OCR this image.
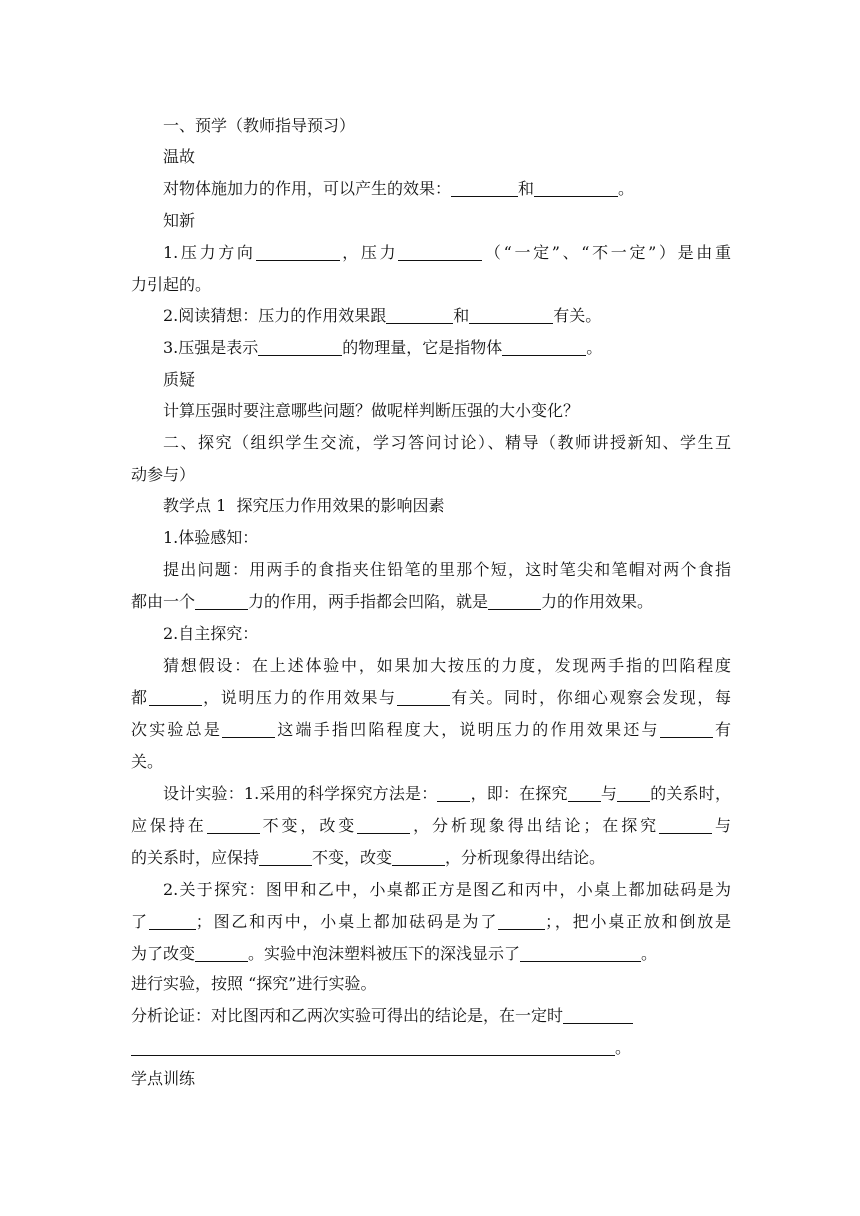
一、预学（教师指导预习）
温故
对物体施加力的作用，可以产生的效果：	和	。
知新
1.压力方向	，压力	（“一定”、“不一定”）是由重
力引起的。
2.阅读猜想：压力的作用效果跟	和	有关。
3.压强是表示	的物理量，它是指物体	。
质疑
计算压强时要注意哪些问题？做呢样判断压强的大小变化？
二、探究（组织学生交流，学习答问讨论）、精导（教师讲授新知、学生互
动参与）
教学点 1  探究压力作用效果的影响因素
1.体验感知：
提出问题：用两手的食指夹住铅笔的里那个短，这时笔尖和笔帽对两个食指
都由一个	力的作用，两手指都会凹陷，就是	力的作用效果。
2.自主探究：
猜想假设：在上述体验中，如果加大按压的力度，发现两手指的凹陷程度
都	，说明压力的作用效果与	有关。同时，你细心观察会发现，每
次实验总是	这端手指凹陷程度大，说明压力的作用效果还与	有
关。
设计实验：1.采用的科学探究方法是： ，即：在探究 与 的关系时，
应保持在	不变，改变	，分析现象得出结论；在探究	与
的关系时，应保持	不变，改变	，分析现象得出结论。
2.关于探究：图甲和乙中，小桌都正方是图乙和丙中，小桌上都加砝码是为
了	；图乙和丙中，小桌上都加砝码是为了	；，把小桌正放和倒放是
为了改变	。实验中泡沫塑料被压下的深浅显示了	。
进行实验，按照 “探究”进行实验。
分析论证：对比图丙和乙两次实验可得出的结论是，在一定时
。
学点训练
